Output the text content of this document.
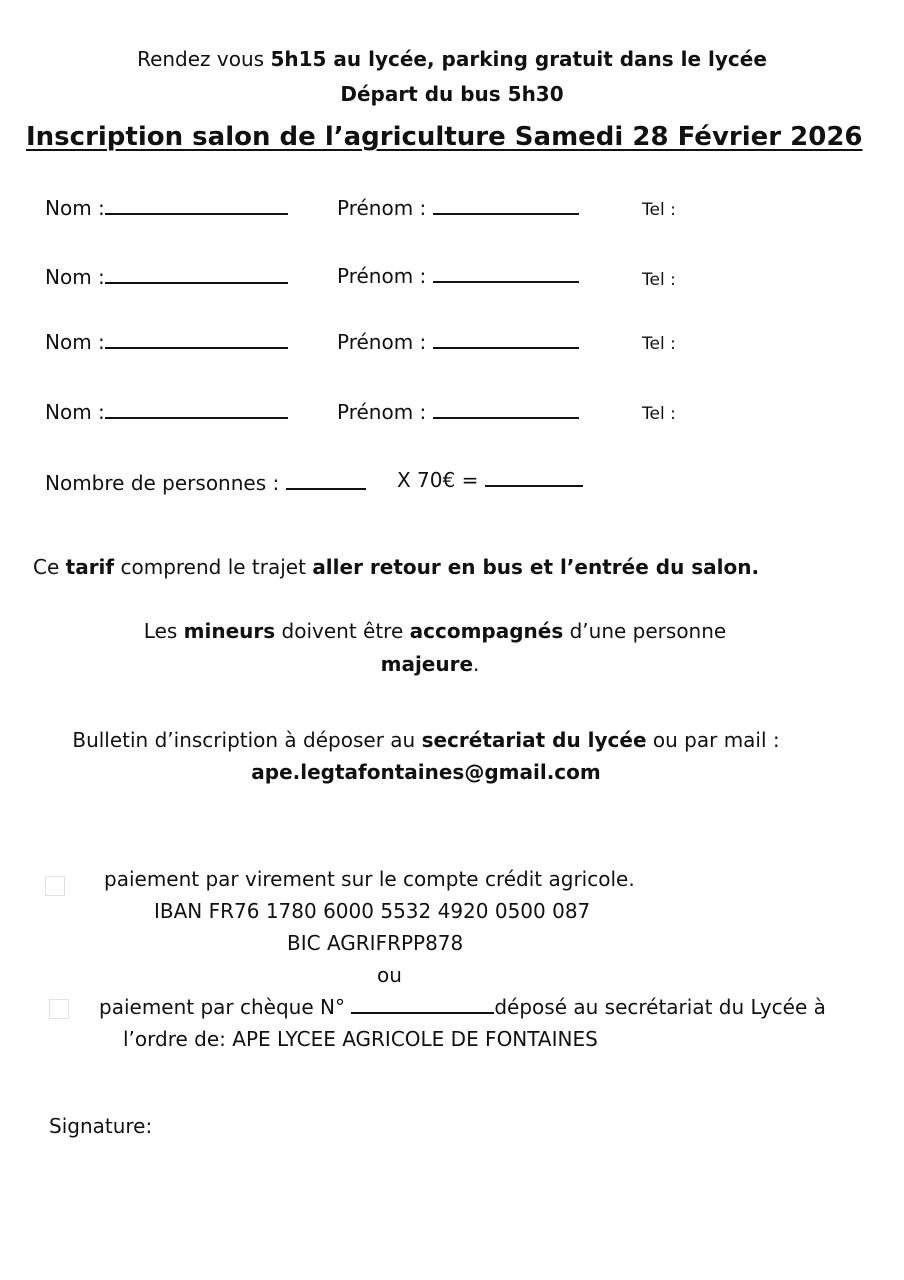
Rendez vous 5h15 au lycée, parking gratuit dans le lycée
Départ du bus 5h30
Inscription salon de l’agriculture Samedi 28 Février 2026
Nom :	Prénom :	Tel :
Nom :	Prénom :	Tel :
Nom :	Prénom :	Tel :
Nom :	Prénom :	Tel :
Nombre de personnes :	X 70€ =
Ce tarif comprend le trajet aller retour en bus et l’entrée du salon.
Les mineurs doivent être accompagnés d’une personne
majeure.
Bulletin d’inscription à déposer au secrétariat du lycée ou par mail :
ape.legtafontaines@gmail.com
paiement par virement sur le compte crédit agricole.
IBAN FR76 1780 6000 5532 4920 0500 087
BIC AGRIFRPP878
ou
paiement par chèque N°	déposé au secrétariat du Lycée à
l’ordre de: APE LYCEE AGRICOLE DE FONTAINES
Signature:
